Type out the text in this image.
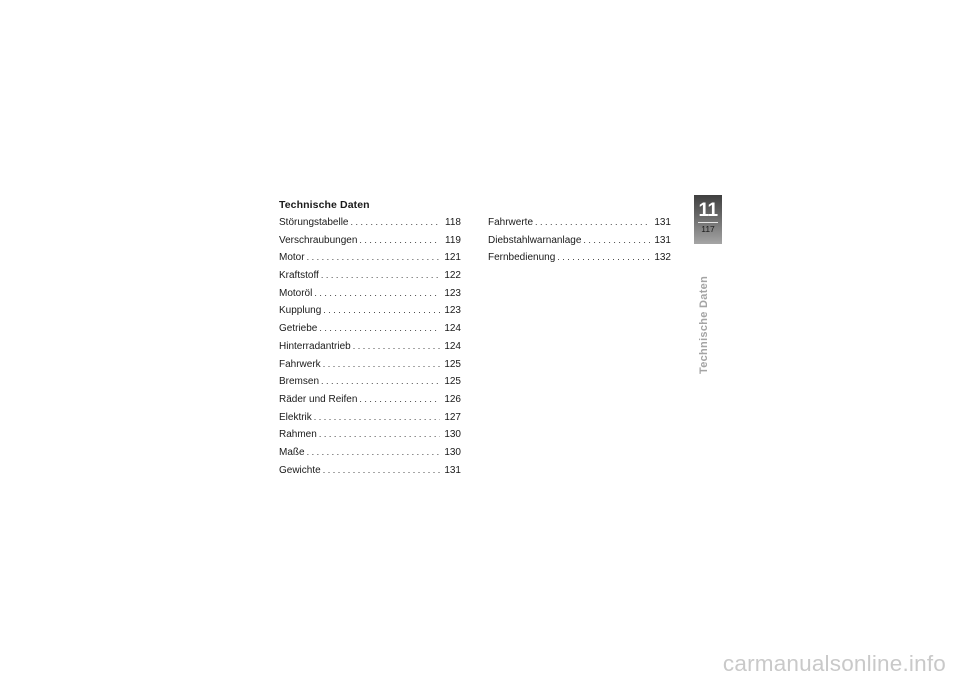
Technische Daten
Störungstabelle . . .	118
Verschraubungen . . .	119
Motor . . .	121
Kraftstoff . . .	122
Motoröl . . .	123
Kupplung . . .	123
Getriebe . . .	124
Hinterradantrieb . . .	124
Fahrwerk . . .	125
Bremsen . . .	125
Räder und Reifen . . .	126
Elektrik . . .	127
Rahmen . . .	130
Maße . . .	130
Gewichte . . .	131
Fahrwerte . . .	131
Diebstahlwarnanlage . . .	131
Fernbedienung . . .	132
11
117
Technische Daten
carmanualsonline.info
